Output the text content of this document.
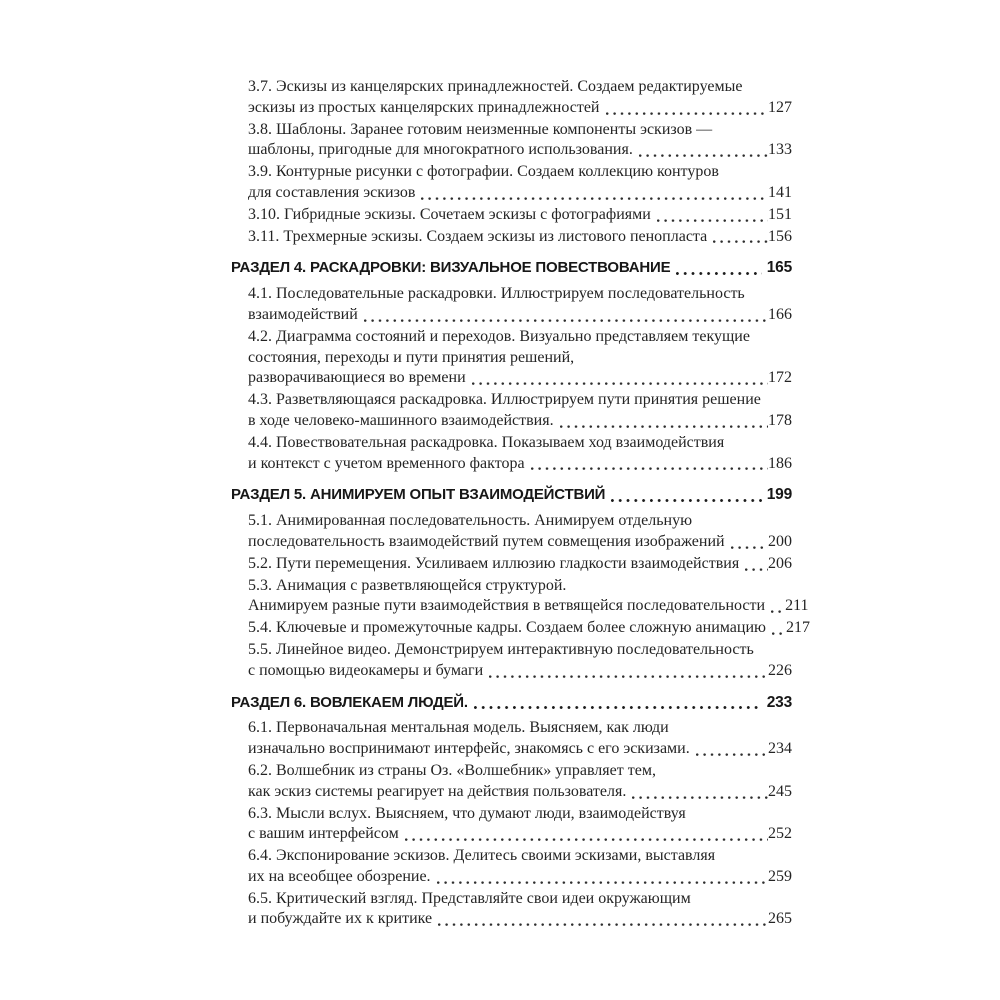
3.7. Эскизы из канцелярских принадлежностей. Создаем редактируемые
эскизы из простых канцелярских принадлежностей	127
3.8. Шаблоны. Заранее готовим неизменные компоненты эскизов —
шаблоны, пригодные для многократного использования.	133
3.9. Контурные рисунки с фотографии. Создаем коллекцию контуров
для составления эскизов	141
3.10. Гибридные эскизы. Сочетаем эскизы с фотографиями	151
3.11. Трехмерные эскизы. Создаем эскизы из листового пенопласта	156
РАЗДЕЛ 4. РАСКАДРОВКИ: ВИЗУАЛЬНОЕ ПОВЕСТВОВАНИЕ	165
4.1. Последовательные раскадровки. Иллюстрируем последовательность
взаимодействий	166
4.2. Диаграмма состояний и переходов. Визуально представляем текущие
состояния, переходы и пути принятия решений,
разворачивающиеся во времени	172
4.3. Разветвляющаяся раскадровка. Иллюстрируем пути принятия решение
в ходе человеко-машинного взаимодействия.	178
4.4. Повествовательная раскадровка. Показываем ход взаимодействия
и контекст с учетом временного фактора	186
РАЗДЕЛ 5. АНИМИРУЕМ ОПЫТ ВЗАИМОДЕЙСТВИЙ	199
5.1. Анимированная последовательность. Анимируем отдельную
последовательность взаимодействий путем совмещения изображений	200
5.2. Пути перемещения. Усиливаем иллюзию гладкости взаимодействия 206
5.3. Анимация с разветвляющейся структурой.
Анимируем разные пути взаимодействия в ветвящейся последовательности 211
5.4. Ключевые и промежуточные кадры. Создаем более сложную анимацию 217
5.5. Линейное видео. Демонстрируем интерактивную последовательность
с помощью видеокамеры и бумаги	226
РАЗДЕЛ 6. ВОВЛЕКАЕМ ЛЮДЕЙ.	233
6.1. Первоначальная ментальная модель. Выясняем, как люди
изначально воспринимают интерфейс, знакомясь с его эскизами.	234
6.2. Волшебник из страны Оз. «Волшебник» управляет тем,
как эскиз системы реагирует на действия пользователя.	245
6.3. Мысли вслух. Выясняем, что думают люди, взаимодействуя
с вашим интерфейсом	252
6.4. Экспонирование эскизов. Делитесь своими эскизами, выставляя
их на всеобщее обозрение.	259
6.5. Критический взгляд. Представляйте свои идеи окружающим
и побуждайте их к критике	265
